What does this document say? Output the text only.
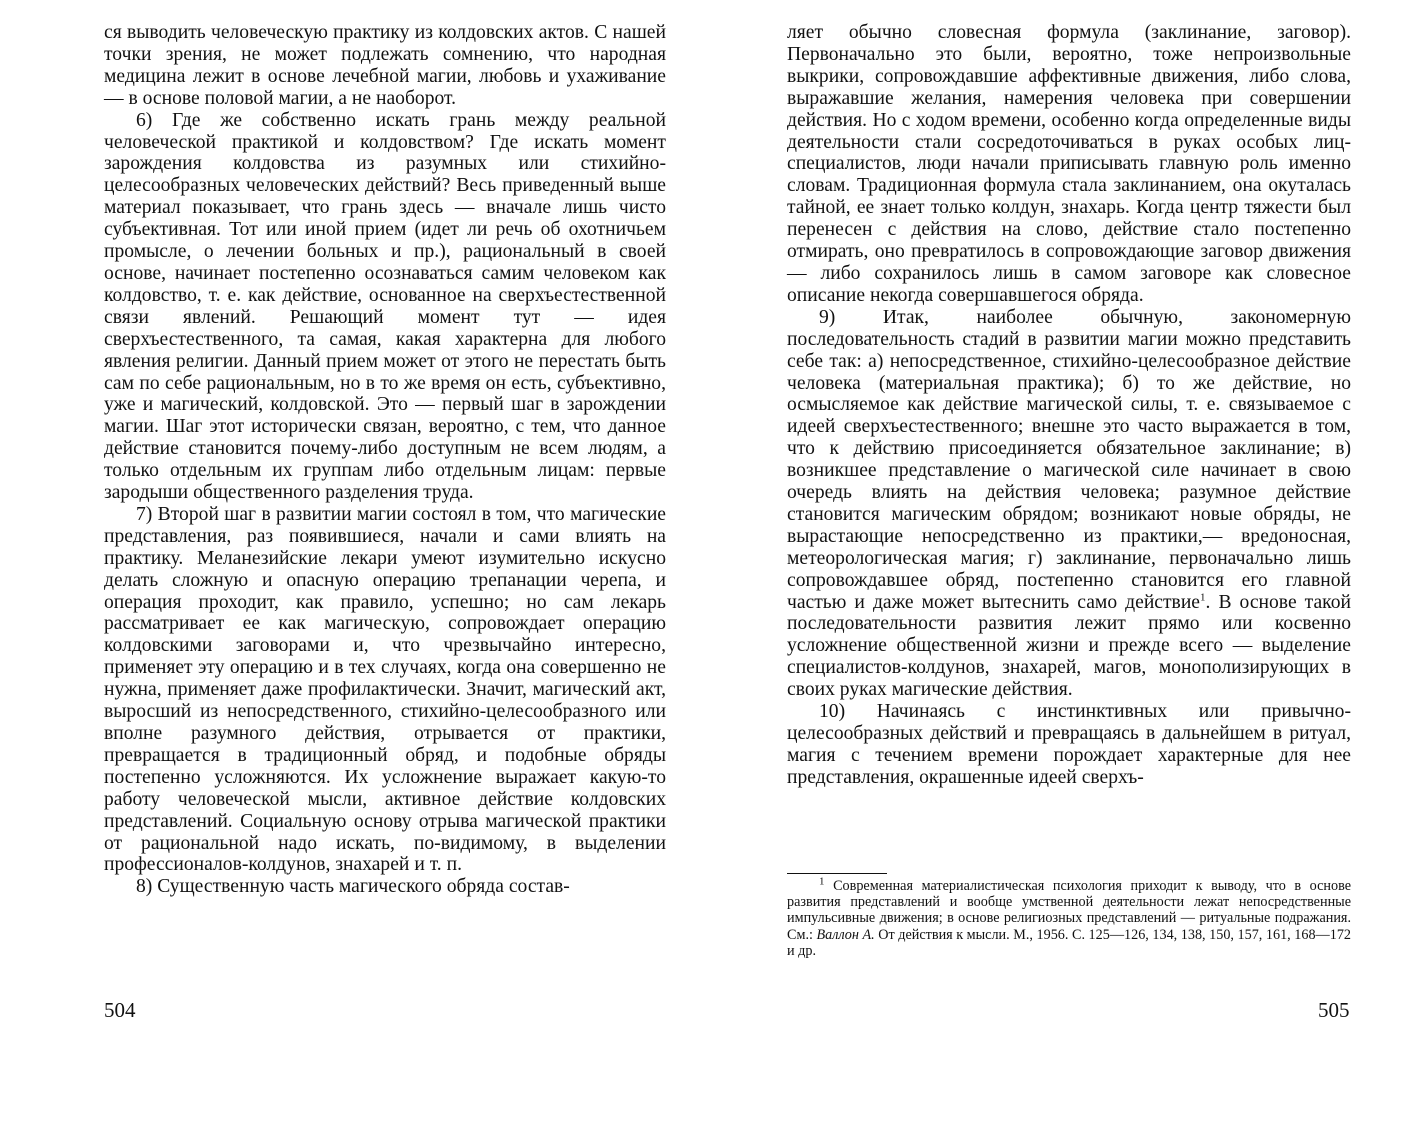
ся выводить человеческую практику из колдовских актов. С нашей точки зрения, не может подлежать сомнению, что народная медицина лежит в основе лечебной магии, любовь и ухаживание — в основе половой магии, а не наоборот.

6) Где же собственно искать грань между реальной человеческой практикой и колдовством? Где искать момент зарождения колдовства из разумных или стихийно-целесообразных человеческих действий? Весь приведенный выше материал показывает, что грань здесь — вначале лишь чисто субъективная. Тот или иной прием (идет ли речь об охотничьем промысле, о лечении больных и пр.), рациональный в своей основе, начинает постепенно осознаваться самим человеком как колдовство, т. е. как действие, основанное на сверхъестественной связи явлений. Решающий момент тут — идея сверхъестественного, та самая, какая характерна для любого явления религии. Данный прием может от этого не перестать быть сам по себе рациональным, но в то же время он есть, субъективно, уже и магический, колдовской. Это — первый шаг в зарождении магии. Шаг этот исторически связан, вероятно, с тем, что данное действие становится почему-либо доступным не всем людям, а только отдельным их группам либо отдельным лицам: первые зародыши общественного разделения труда.

7) Второй шаг в развитии магии состоял в том, что магические представления, раз появившиеся, начали и сами влиять на практику. Меланезийские лекари умеют изумительно искусно делать сложную и опасную операцию трепанации черепа, и операция проходит, как правило, успешно; но сам лекарь рассматривает ее как магическую, сопровождает операцию колдовскими заговорами и, что чрезвычайно интересно, применяет эту операцию и в тех случаях, когда она совершенно не нужна, применяет даже профилактически. Значит, магический акт, выросший из непосредственного, стихийно-целесообразного или вполне разумного действия, отрывается от практики, превращается в традиционный обряд, и подобные обряды постепенно усложняются. Их усложнение выражает какую-то работу человеческой мысли, активное действие колдовских представлений. Социальную основу отрыва магической практики от рациональной надо искать, по-видимому, в выделении профессионалов-колдунов, знахарей и т. п.

8) Существенную часть магического обряда состав-

ляет обычно словесная формула (заклинание, заговор). Первоначально это были, вероятно, тоже непроизвольные выкрики, сопровождавшие аффективные движения, либо слова, выражавшие желания, намерения человека при совершении действия. Но с ходом времени, особенно когда определенные виды деятельности стали сосредоточиваться в руках особых лиц-специалистов, люди начали приписывать главную роль именно словам. Традиционная формула стала заклинанием, она окуталась тайной, ее знает только колдун, знахарь. Когда центр тяжести был перенесен с действия на слово, действие стало постепенно отмирать, оно превратилось в сопровождающие заговор движения — либо сохранилось лишь в самом заговоре как словесное описание некогда совершавшегося обряда.

9) Итак, наиболее обычную, закономерную последовательность стадий в развитии магии можно представить себе так: а) непосредственное, стихийно-целесообразное действие человека (материальная практика); б) то же действие, но осмысляемое как действие магической силы, т. е. связываемое с идеей сверхъестественного; внешне это часто выражается в том, что к действию присоединяется обязательное заклинание; в) возникшее представление о магической силе начинает в свою очередь влиять на действия человека; разумное действие становится магическим обрядом; возникают новые обряды, не вырастающие непосредственно из практики,— вредоносная, метеорологическая магия; г) заклинание, первоначально лишь сопровождавшее обряд, постепенно становится его главной частью и даже может вытеснить само действие$^1$. В основе такой последовательности развития лежит прямо или косвенно усложнение общественной жизни и прежде всего — выделение специалистов-колдунов, знахарей, магов, монополизирующих в своих руках магические действия.

10) Начинаясь с инстинктивных или привычно-целесообразных действий и превращаясь в дальнейшем в ритуал, магия с течением времени порождает характерные для нее представления, окрашенные идеей сверхъ-

$^1$ Современная материалистическая психология приходит к выводу, что в основе развития представлений и вообще умственной деятельности лежат непосредственные импульсивные движения; в основе религиозных представлений — ритуальные подражания. См.: Валлон А. От действия к мысли. М., 1956. С. 125—126, 134, 138, 150, 157, 161, 168—172 и др.

504	505
